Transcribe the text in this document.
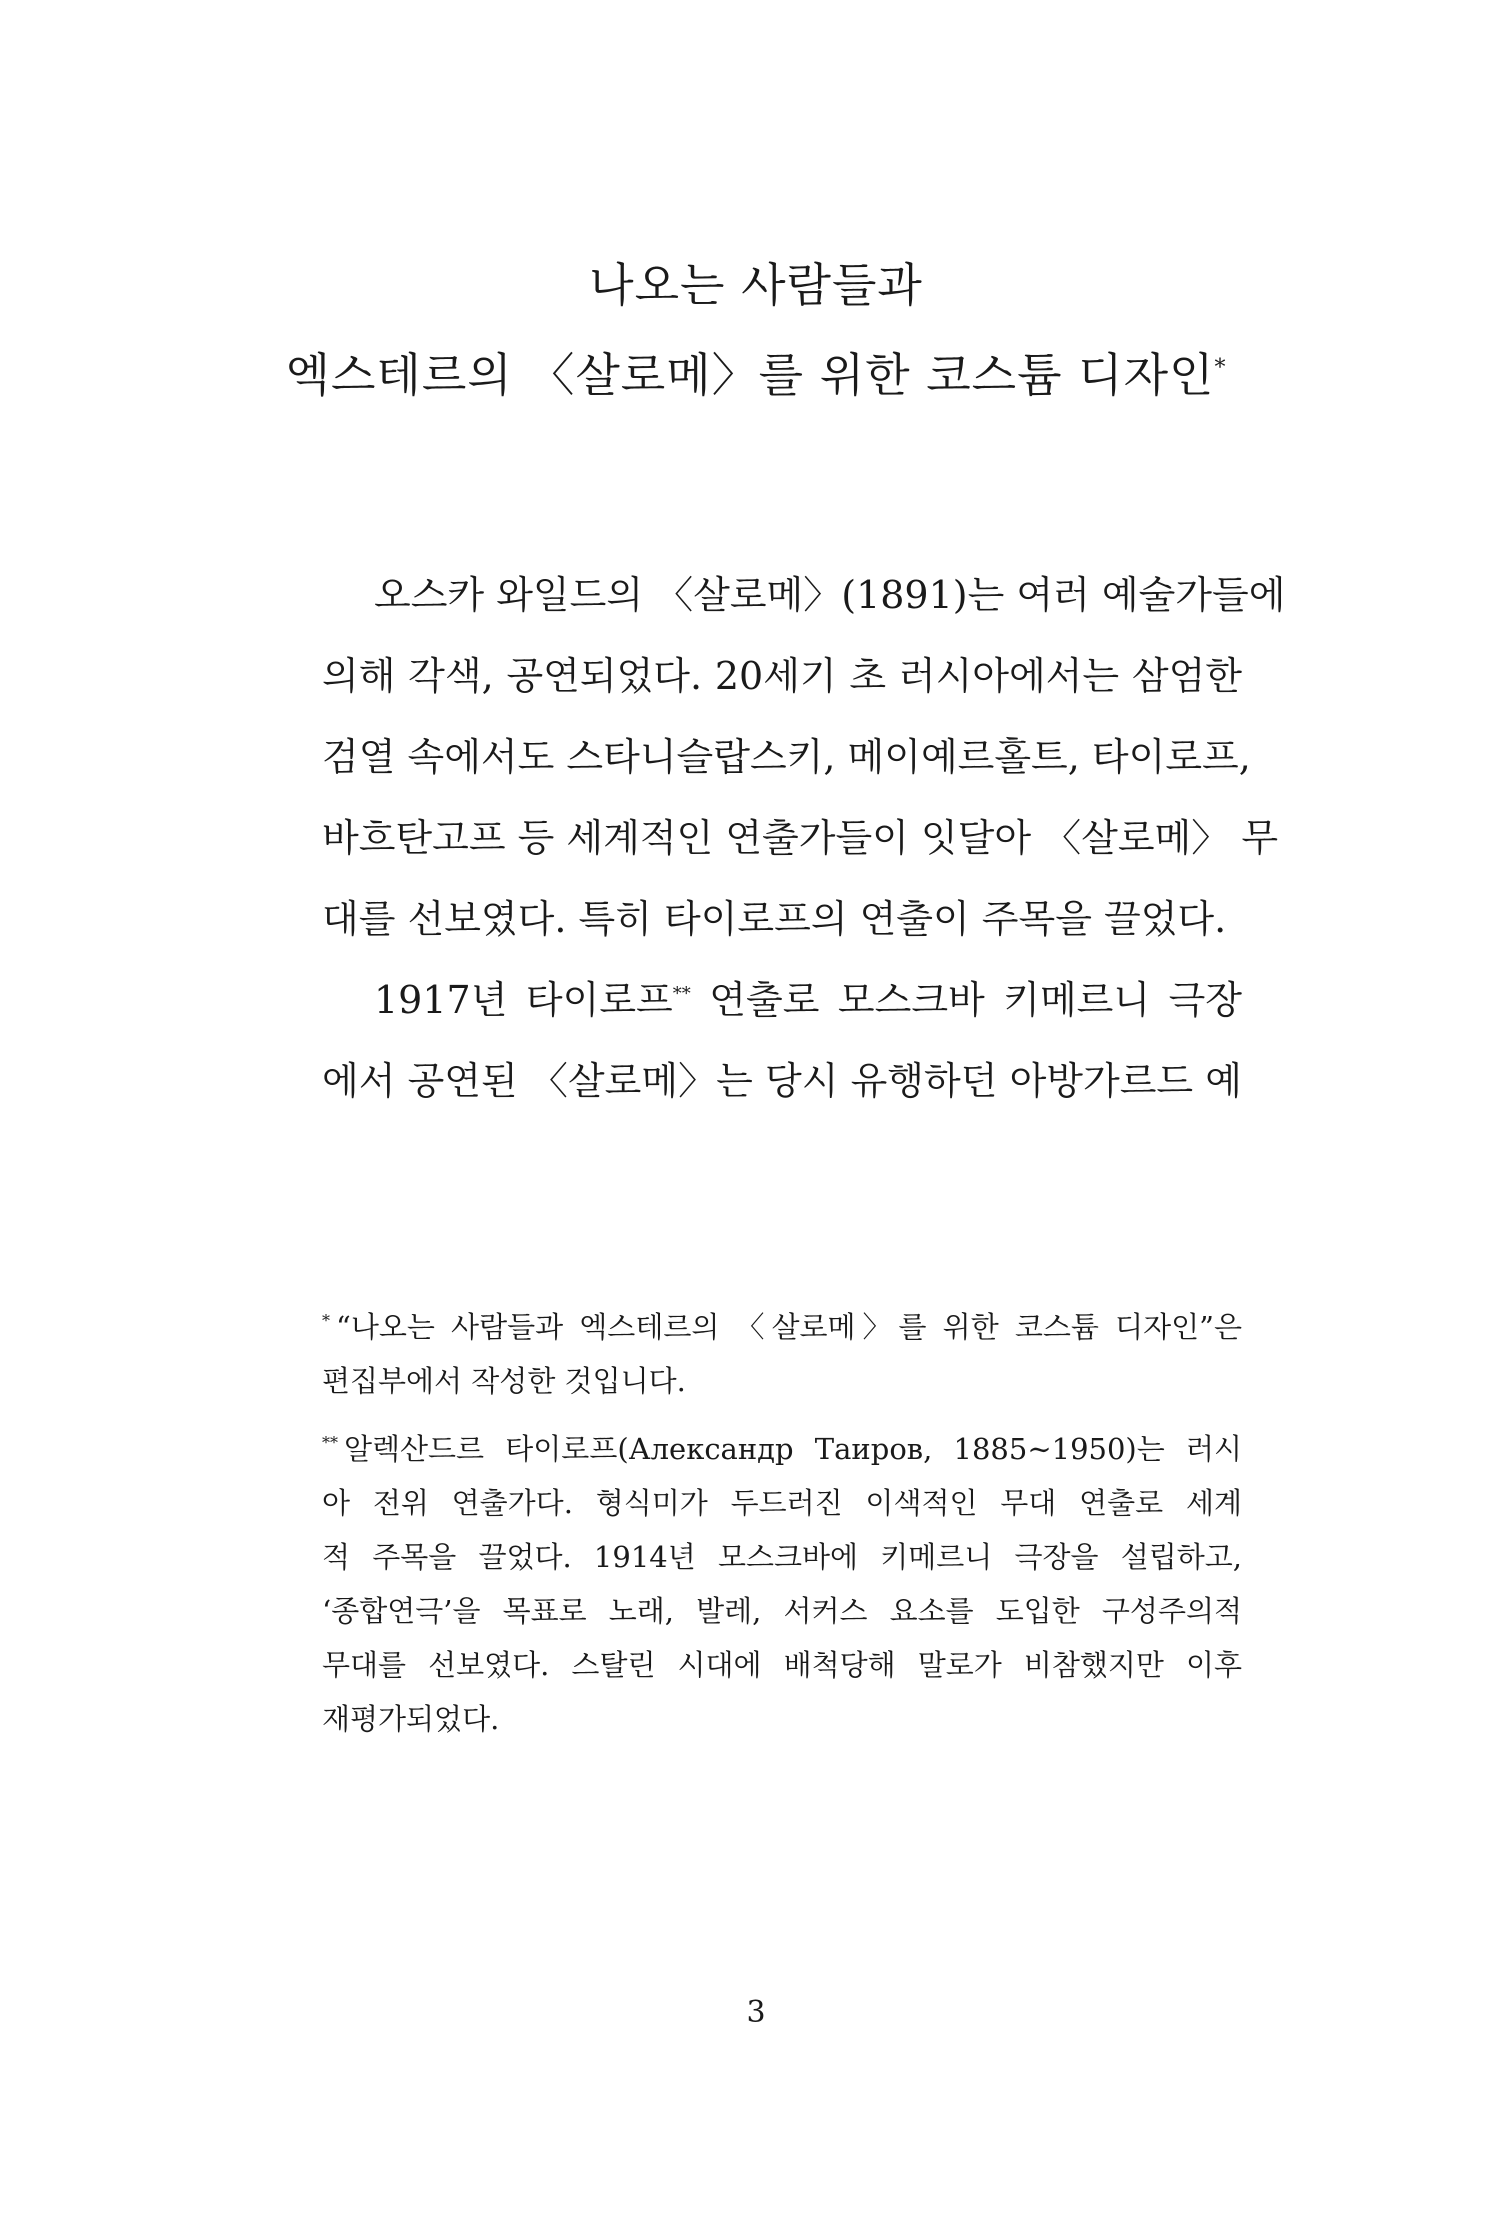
나오는 사람들과
엑스테르의 〈살로메〉를 위한 코스튬 디자인*
오스카 와일드의 〈살로메〉(1891)는 여러 예술가들에
의해 각색, 공연되었다. 20세기 초 러시아에서는 삼엄한
검열 속에서도 스타니슬랍스키, 메이예르홀트, 타이로프,
바흐탄고프 등 세계적인 연출가들이 잇달아 〈살로메〉 무
대를 선보였다. 특히 타이로프의 연출이 주목을 끌었다.
1917년 타이로프** 연출로 모스크바 키메르니 극장
에서 공연된 〈살로메〉는 당시 유행하던 아방가르드 예
* “나오는 사람들과 엑스테르의 〈살로메〉를 위한 코스튬 디자인”은
편집부에서 작성한 것입니다.
** 알렉산드르 타이로프(Александр Таиров, 1885∼1950)는 러시
아 전위 연출가다. 형식미가 두드러진 이색적인 무대 연출로 세계
적 주목을 끌었다. 1914년 모스크바에 키메르니 극장을 설립하고,
‘종합연극’을 목표로 노래, 발레, 서커스 요소를 도입한 구성주의적
무대를 선보였다. 스탈린 시대에 배척당해 말로가 비참했지만 이후
재평가되었다.
3
